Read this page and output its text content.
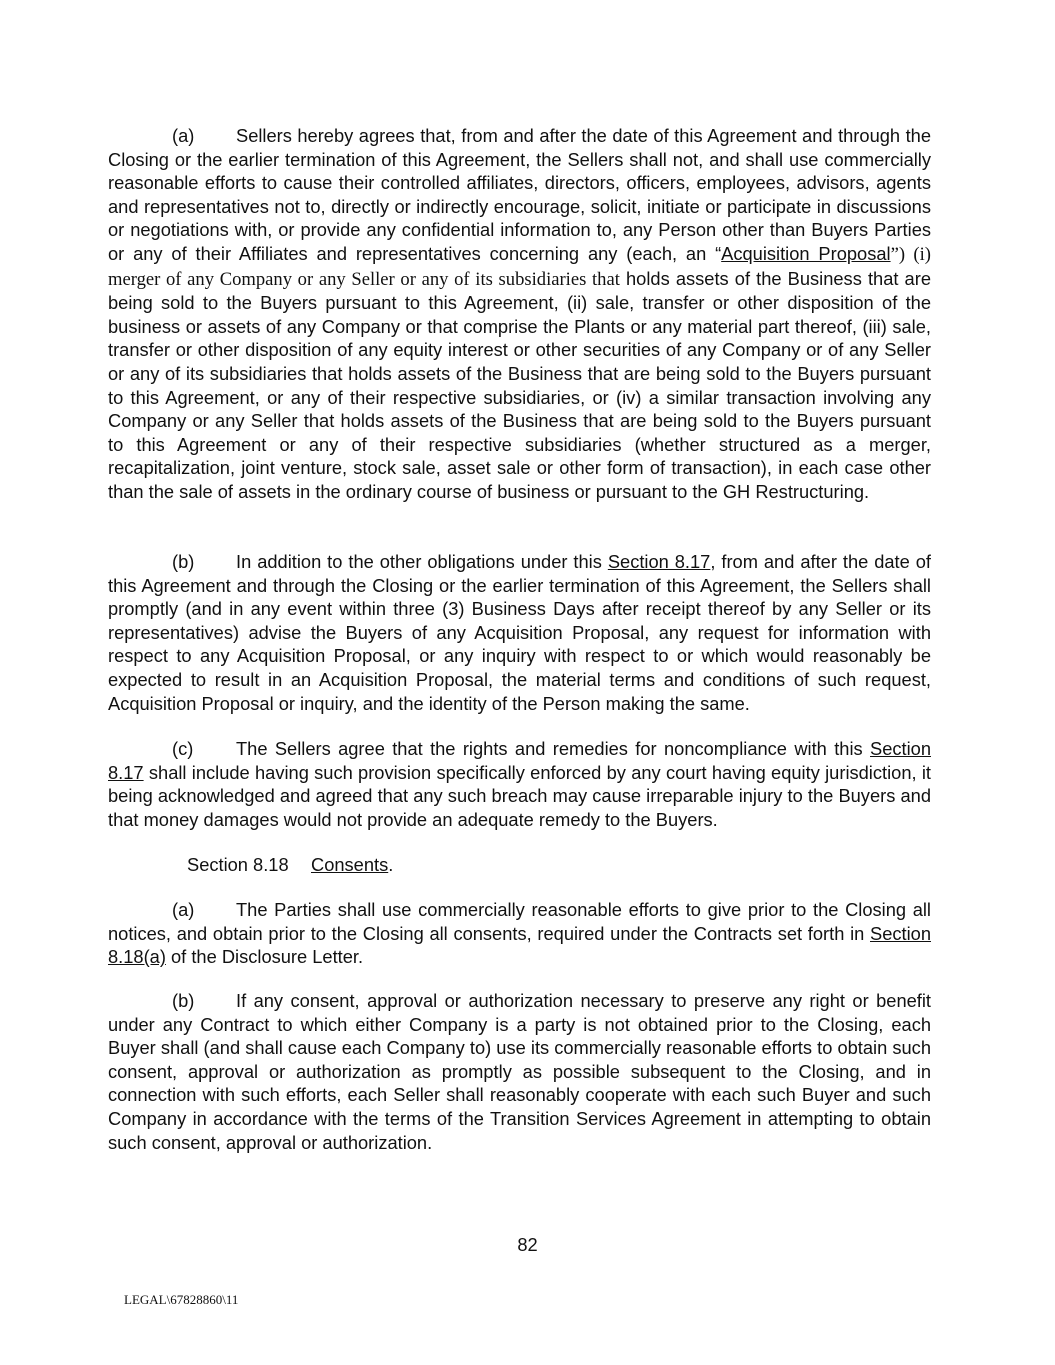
(a) Sellers hereby agrees that, from and after the date of this Agreement and through the Closing or the earlier termination of this Agreement, the Sellers shall not, and shall use commercially reasonable efforts to cause their controlled affiliates, directors, officers, employees, advisors, agents and representatives not to, directly or indirectly encourage, solicit, initiate or participate in discussions or negotiations with, or provide any confidential information to, any Person other than Buyers Parties or any of their Affiliates and representatives concerning any (each, an “Acquisition Proposal”) (i) merger of any Company or any Seller or any of its subsidiaries that holds assets of the Business that are being sold to the Buyers pursuant to this Agreement, (ii) sale, transfer or other disposition of the business or assets of any Company or that comprise the Plants or any material part thereof, (iii) sale, transfer or other disposition of any equity interest or other securities of any Company or of any Seller or any of its subsidiaries that holds assets of the Business that are being sold to the Buyers pursuant to this Agreement, or any of their respective subsidiaries, or (iv) a similar transaction involving any Company or any Seller that holds assets of the Business that are being sold to the Buyers pursuant to this Agreement or any of their respective subsidiaries (whether structured as a merger, recapitalization, joint venture, stock sale, asset sale or other form of transaction), in each case other than the sale of assets in the ordinary course of business or pursuant to the GH Restructuring.

(b) In addition to the other obligations under this Section 8.17, from and after the date of this Agreement and through the Closing or the earlier termination of this Agreement, the Sellers shall promptly (and in any event within three (3) Business Days after receipt thereof by any Seller or its representatives) advise the Buyers of any Acquisition Proposal, any request for information with respect to any Acquisition Proposal, or any inquiry with respect to or which would reasonably be expected to result in an Acquisition Proposal, the material terms and conditions of such request, Acquisition Proposal or inquiry, and the identity of the Person making the same.

(c) The Sellers agree that the rights and remedies for noncompliance with this Section 8.17 shall include having such provision specifically enforced by any court having equity jurisdiction, it being acknowledged and agreed that any such breach may cause irreparable injury to the Buyers and that money damages would not provide an adequate remedy to the Buyers.

Section 8.18 Consents.

(a) The Parties shall use commercially reasonable efforts to give prior to the Closing all notices, and obtain prior to the Closing all consents, required under the Contracts set forth in Section 8.18(a) of the Disclosure Letter.

(b) If any consent, approval or authorization necessary to preserve any right or benefit under any Contract to which either Company is a party is not obtained prior to the Closing, each Buyer shall (and shall cause each Company to) use its commercially reasonable efforts to obtain such consent, approval or authorization as promptly as possible subsequent to the Closing, and in connection with such efforts, each Seller shall reasonably cooperate with each such Buyer and such Company in accordance with the terms of the Transition Services Agreement in attempting to obtain such consent, approval or authorization.

82

LEGAL\67828860\11
